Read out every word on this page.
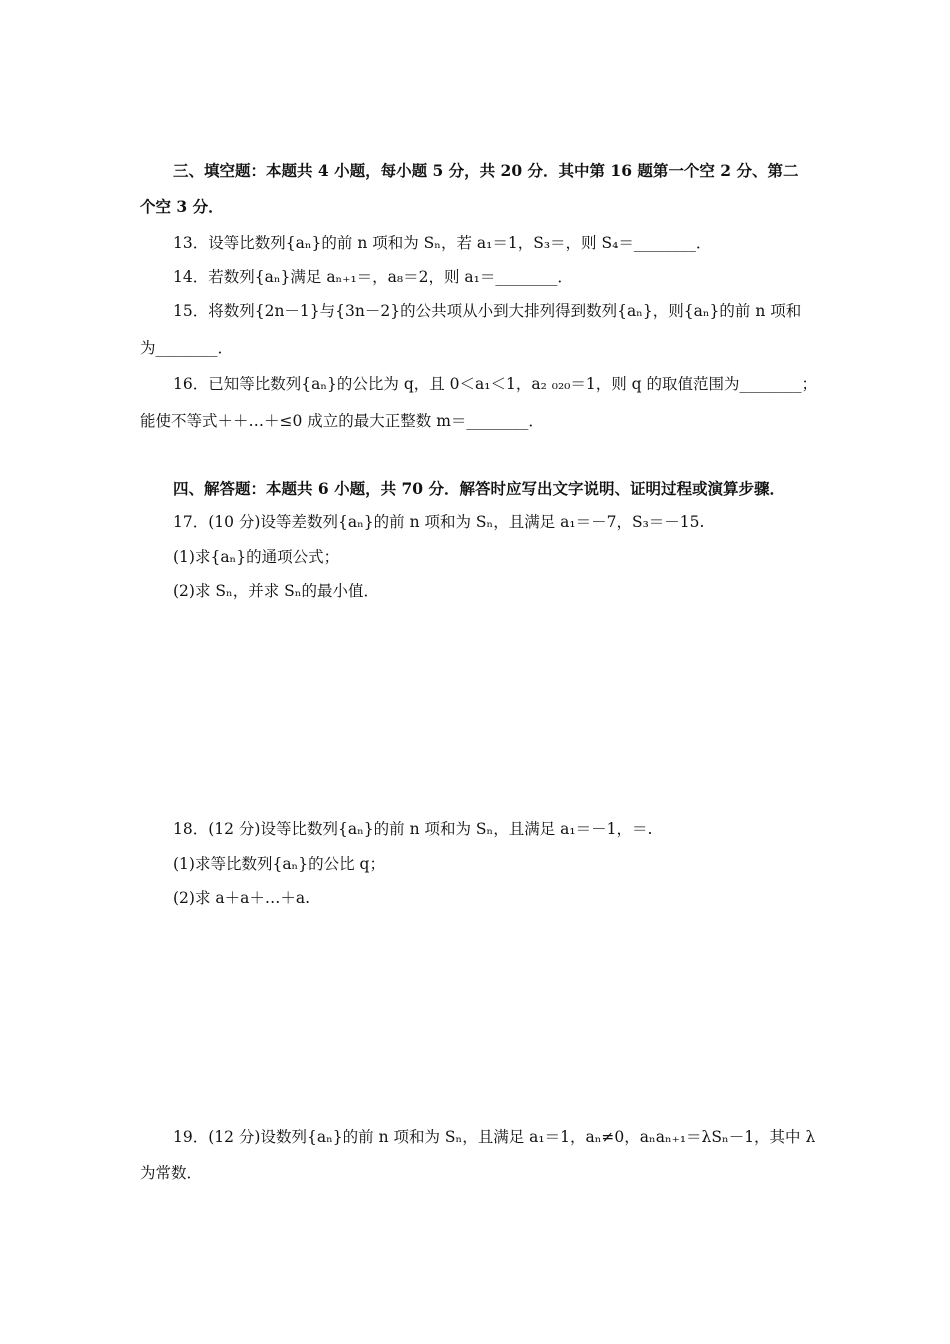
三、填空题：本题共 4 小题，每小题 5 分，共 20 分．其中第 16 题第一个空 2 分、第二
个空 3 分．
13．设等比数列{aₙ}的前 n 项和为 Sₙ，若 a₁＝1，S₃＝，则 S₄＝________．
14．若数列{aₙ}满足 aₙ₊₁＝，a₈＝2，则 a₁＝________．
15．将数列{2n－1}与{3n－2}的公共项从小到大排列得到数列{aₙ}，则{aₙ}的前 n 项和
为________．
16．已知等比数列{aₙ}的公比为 q，且 0＜a₁＜1，a₂ ₀₂₀＝1，则 q 的取值范围为________；
能使不等式＋＋…＋≤0 成立的最大正整数 m＝________．
四、解答题：本题共 6 小题，共 70 分．解答时应写出文字说明、证明过程或演算步骤．
17．(10 分)设等差数列{aₙ}的前 n 项和为 Sₙ，且满足 a₁＝－7，S₃＝－15.
(1)求{aₙ}的通项公式；
(2)求 Sₙ，并求 Sₙ的最小值．
18．(12 分)设等比数列{aₙ}的前 n 项和为 Sₙ，且满足 a₁＝－1，＝.
(1)求等比数列{aₙ}的公比 q；
(2)求 a＋a＋…＋a.
19．(12 分)设数列{aₙ}的前 n 项和为 Sₙ，且满足 a₁＝1，aₙ≠0，aₙaₙ₊₁＝λSₙ－1，其中 λ
为常数．
